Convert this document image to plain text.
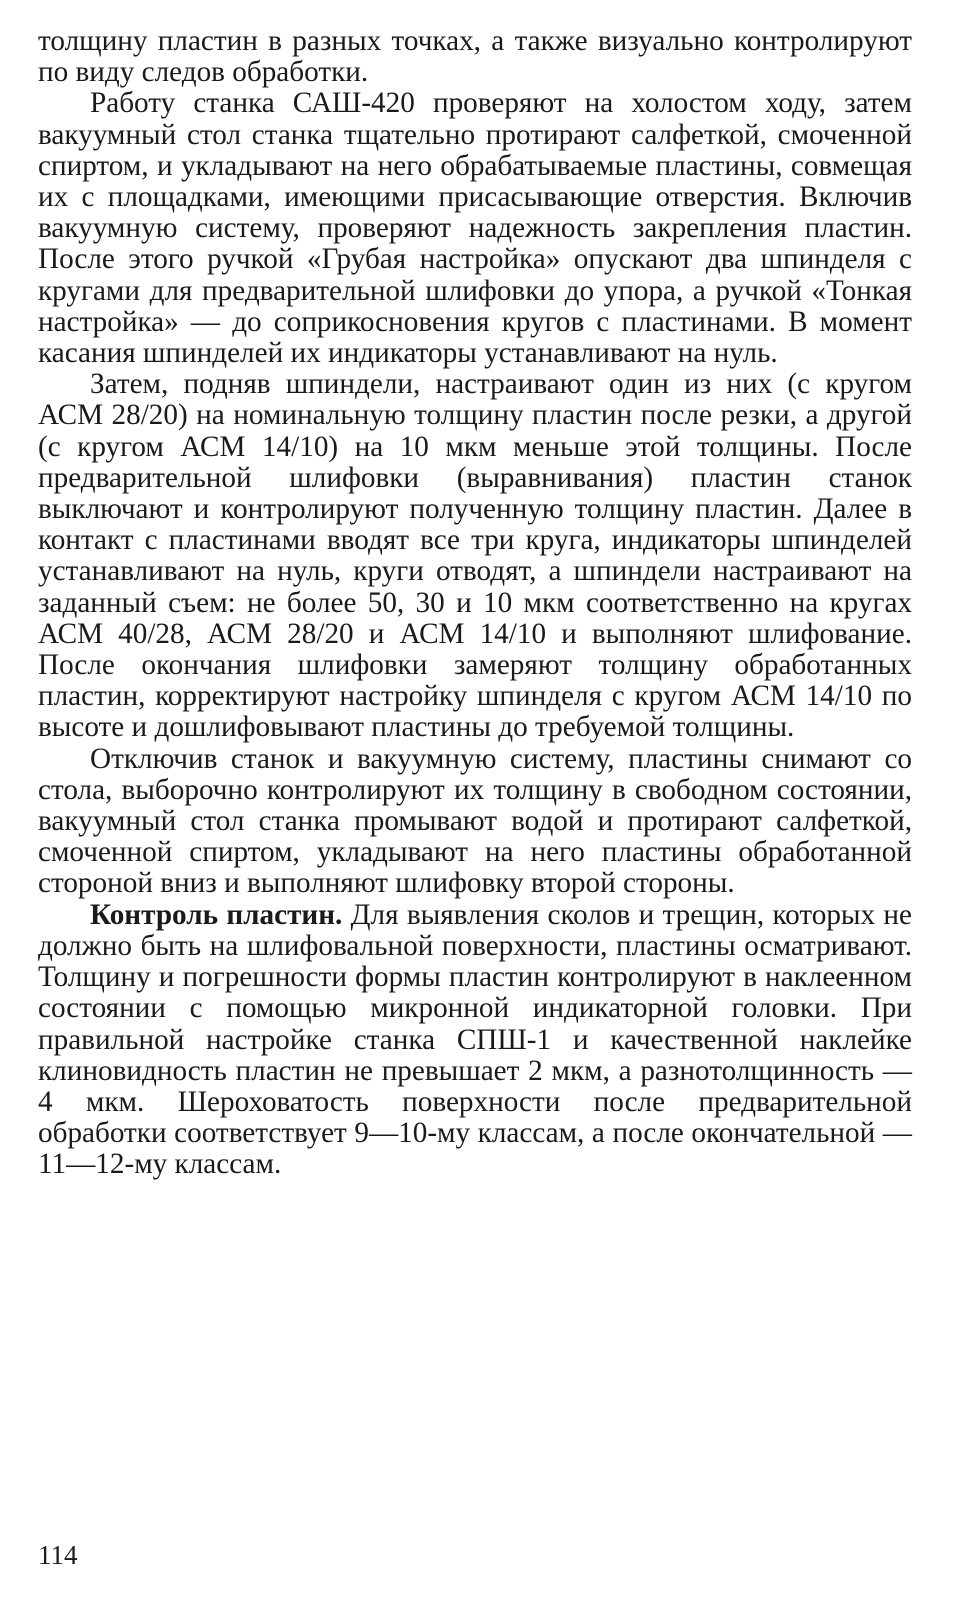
толщину пластин в разных точках, а также визуально контролируют по виду следов обработки.

Работу станка САШ-420 проверяют на холостом ходу, затем вакуумный стол станка тщательно протирают салфеткой, смоченной спиртом, и укладывают на него обрабатываемые пластины, совмещая их с площадками, имеющими присасывающие отверстия. Включив вакуумную систему, проверяют надежность закрепления пластин. После этого ручкой «Грубая настройка» опускают два шпинделя с кругами для предварительной шлифовки до упора, а ручкой «Тонкая настройка» — до соприкосновения кругов с пластинами. В момент касания шпинделей их индикаторы устанавливают на нуль.

Затем, подняв шпиндели, настраивают один из них (с кругом АСМ 28/20) на номинальную толщину пластин после резки, а другой (с кругом АСМ 14/10) на 10 мкм меньше этой толщины. После предварительной шлифовки (выравнивания) пластин станок выключают и контролируют полученную толщину пластин. Далее в контакт с пластинами вводят все три круга, индикаторы шпинделей устанавливают на нуль, круги отводят, а шпиндели настраивают на заданный съем: не более 50, 30 и 10 мкм соответственно на кругах АСМ 40/28, АСМ 28/20 и АСМ 14/10 и выполняют шлифование. После окончания шлифовки замеряют толщину обработанных пластин, корректируют настройку шпинделя с кругом АСМ 14/10 по высоте и дошлифовывают пластины до требуемой толщины.

Отключив станок и вакуумную систему, пластины снимают со стола, выборочно контролируют их толщину в свободном состоянии, вакуумный стол станка промывают водой и протирают салфеткой, смоченной спиртом, укладывают на него пластины обработанной стороной вниз и выполняют шлифовку второй стороны.

Контроль пластин. Для выявления сколов и трещин, которых не должно быть на шлифовальной поверхности, пластины осматривают. Толщину и погрешности формы пластин контролируют в наклеенном состоянии с помощью микронной индикаторной головки. При правильной настройке станка СПШ-1 и качественной наклейке клиновидность пластин не превышает 2 мкм, а разнотолщинность — 4 мкм. Шероховатость поверхности после предварительной обработки соответствует 9—10-му классам, а после окончательной — 11—12-му классам.

114
